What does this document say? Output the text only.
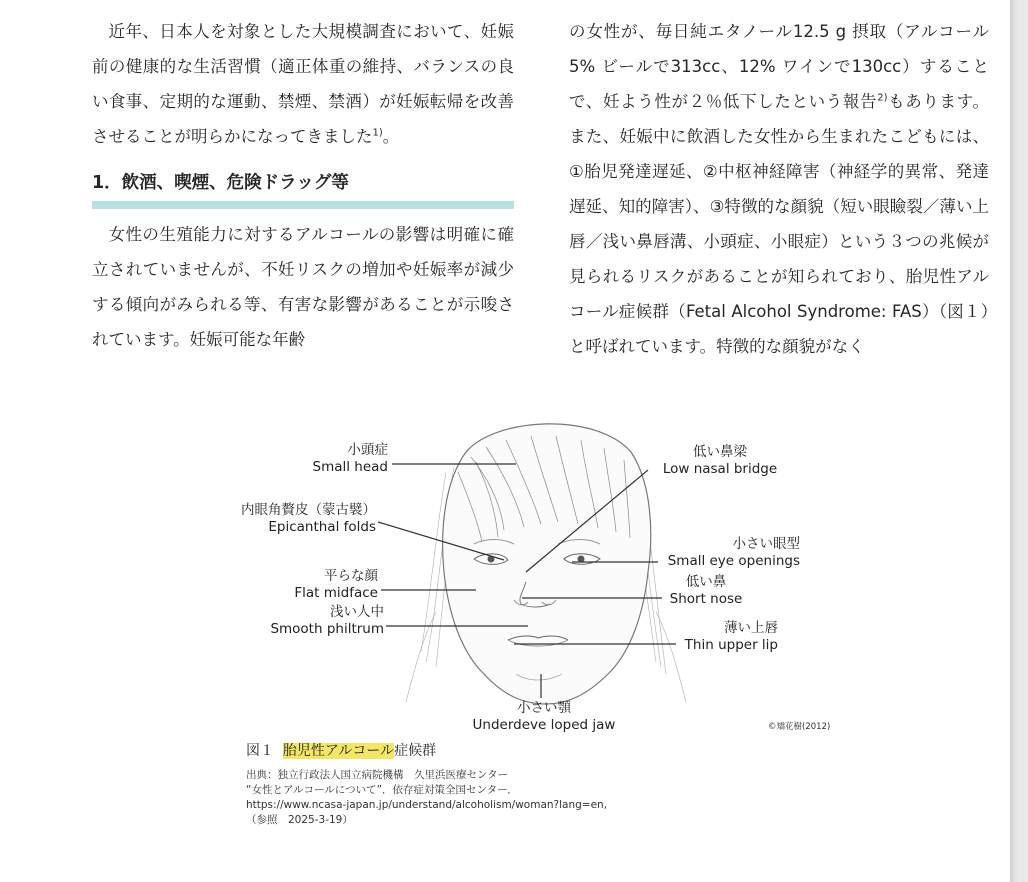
近年、日本人を対象とした大規模調査において、妊娠前の健康的な生活習慣（適正体重の維持、バランスの良い食事、定期的な運動、禁煙、禁酒）が妊娠転帰を改善させることが明らかになってきました$^{1)}$。

1．飲酒、喫煙、危険ドラッグ等

女性の生殖能力に対するアルコールの影響は明確に確立されていませんが、不妊リスクの増加や妊娠率が減少する傾向がみられる等、有害な影響があることが示唆されています。妊娠可能な年齢

の女性が、毎日純エタノール12.5 g 摂取（アルコール5% ビールで313cc、12% ワインで130cc）することで、妊よう性が２％低下したという報告$^{2)}$もあります。また、妊娠中に飲酒した女性から生まれたこどもには、①胎児発達遅延、②中枢神経障害（神経学的異常、発達遅延、知的障害）、③特徴的な顔貌（短い眼瞼裂／薄い上唇／浅い鼻唇溝、小頭症、小眼症）という３つの兆候が見られるリスクがあることが知られており、胎児性アルコール症候群（Fetal Alcohol Syndrome: FAS）（図１）と呼ばれています。特徴的な顔貌がなく

小頭症
Small head
内眼角贅皮（蒙古襞）
Epicanthal folds
平らな顔
Flat midface
浅い人中
Smooth philtrum
低い鼻梁
Low nasal bridge
小さい眼型
Small eye openings
低い鼻
Short nose
薄い上唇
Thin upper lip
小さい顎
Underdeve loped jaw	©矯花樹(2012)
図１ 胎児性アルコール症候群
出典：独立行政法人国立病院機構　久里浜医療センター
“女性とアルコールについて”．依存症対策全国センター．
https://www.ncasa-japan.jp/understand/alcoholism/woman?lang=en,
（参照　2025-3-19）
